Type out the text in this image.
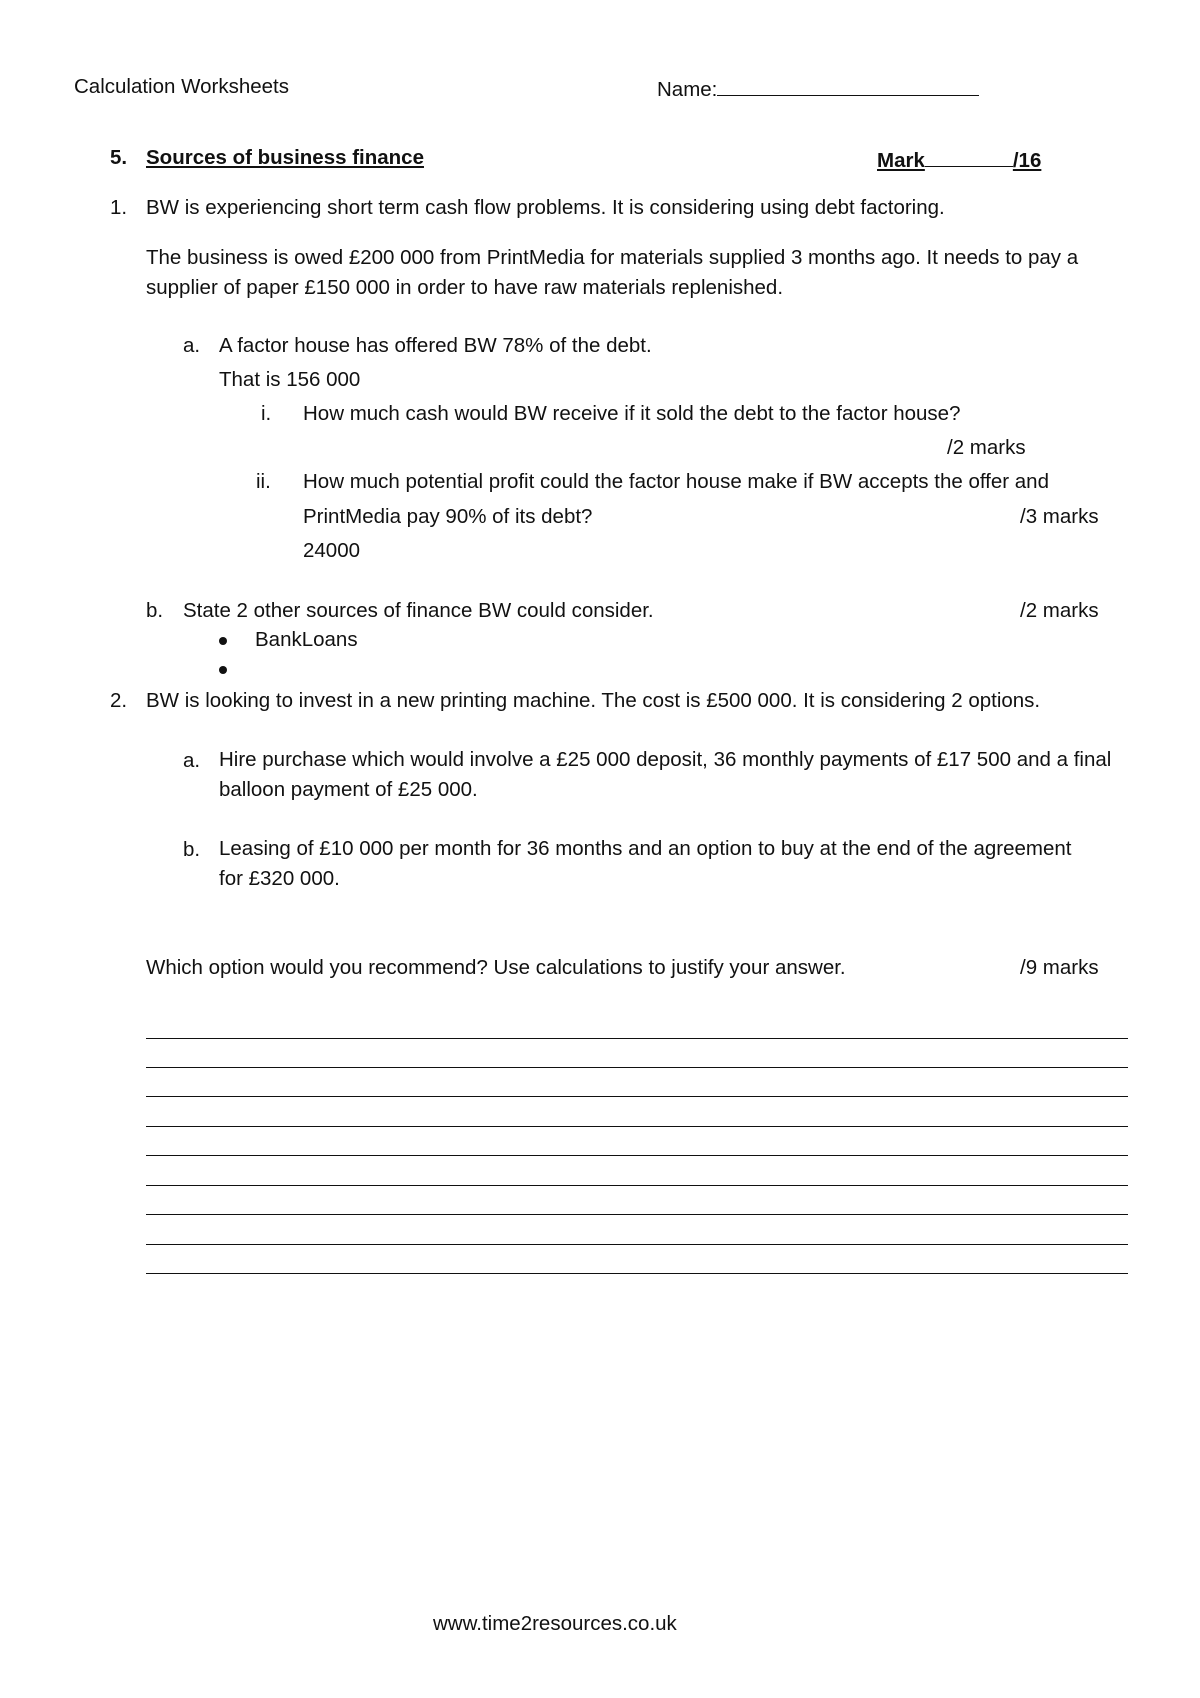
Calculation Worksheets	Name:
5. Sources of business finance	Mark	/16
1. BW is experiencing short term cash flow problems. It is considering using debt factoring.
The business is owed £200 000 from PrintMedia for materials supplied 3 months ago. It needs to pay a supplier of paper £150 000 in order to have raw materials replenished.
a. A factor house has offered BW 78% of the debt.
That is 156 000
i. How much cash would BW receive if it sold the debt to the factor house?
/2 marks
ii. How much potential profit could the factor house make if BW accepts the offer and
PrintMedia pay 90% of its debt?	/3 marks
24000
b. State 2 other sources of finance BW could consider.	/2 marks
BankLoans
2. BW is looking to invest in a new printing machine. The cost is £500 000. It is considering 2 options.
a. Hire purchase which would involve a £25 000 deposit, 36 monthly payments of £17 500 and a final balloon payment of £25 000.
b. Leasing of £10 000 per month for 36 months and an option to buy at the end of the agreement for £320 000.
Which option would you recommend? Use calculations to justify your answer.	/9 marks
www.time2resources.co.uk
